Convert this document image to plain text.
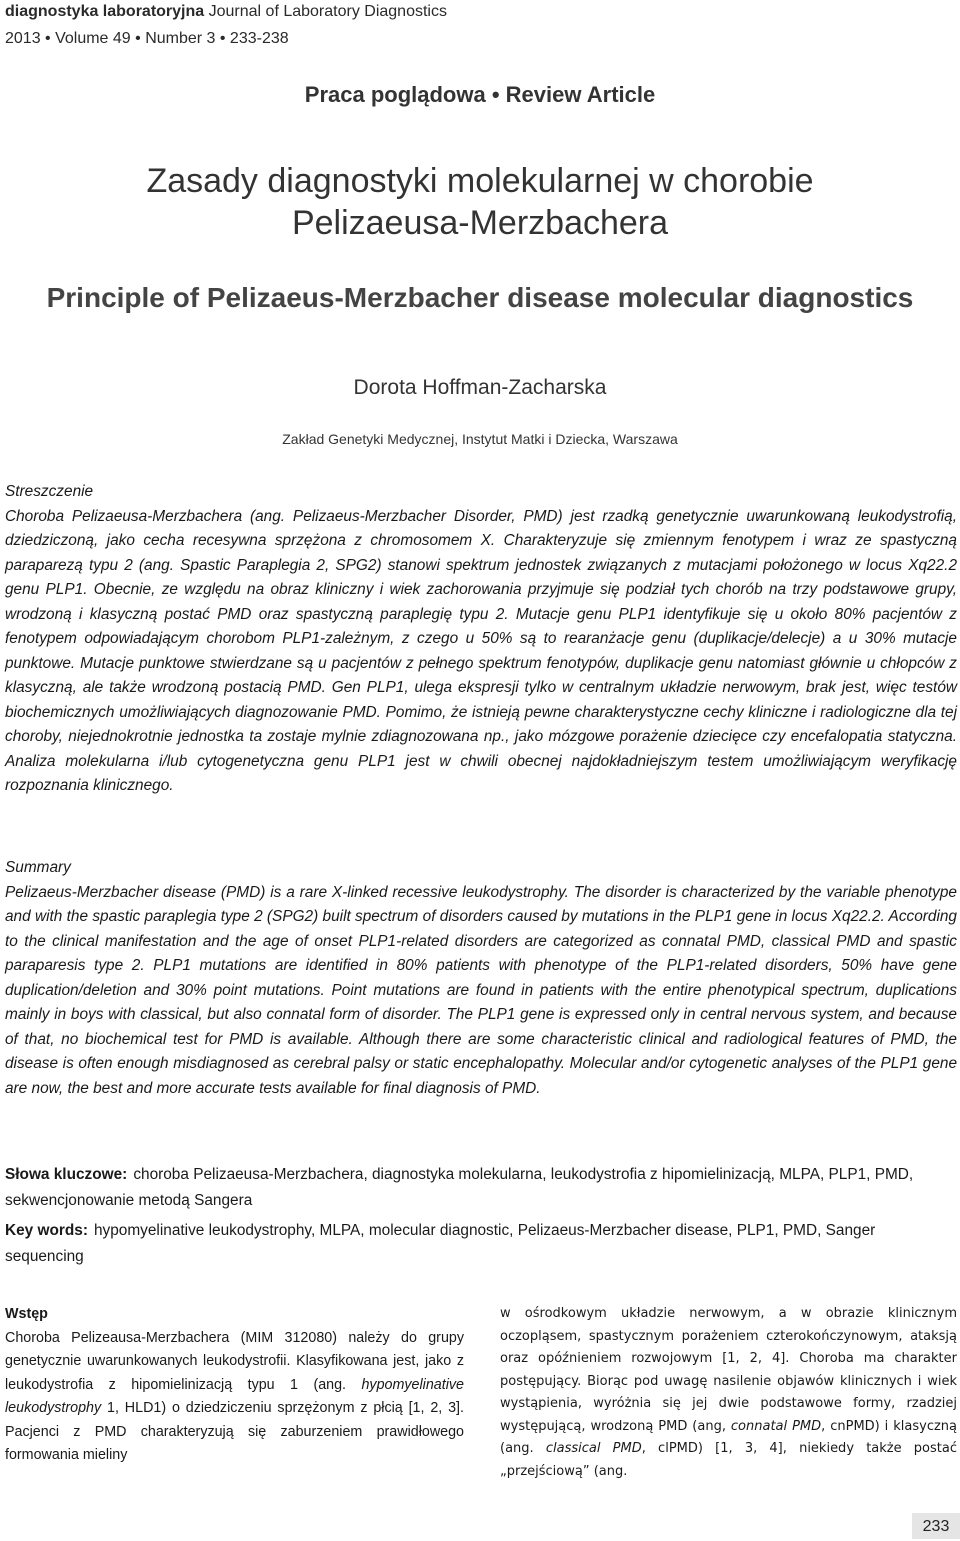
diagnostyka laboratoryjna Journal of Laboratory Diagnostics
2013 • Volume 49 • Number 3 • 233-238
Praca poglądowa • Review Article
Zasady diagnostyki molekularnej w chorobie
Pelizaeusa-Merzbachera
Principle of Pelizaeus-Merzbacher disease molecular diagnostics
Dorota Hoffman-Zacharska
Zakład Genetyki Medycznej, Instytut Matki i Dziecka, Warszawa
Streszczenie
Choroba Pelizaeusa-Merzbachera (ang. Pelizaeus-Merzbacher Disorder, PMD) jest rzadką genetycznie uwarunkowaną leukodystrofią, dziedziczoną, jako cecha recesywna sprzężona z chromosomem X. Charakteryzuje się zmiennym fenotypem i wraz ze spastyczną paraparezą typu 2 (ang. Spastic Paraplegia 2, SPG2) stanowi spektrum jednostek związanych z mutacjami położonego w locus Xq22.2 genu PLP1. Obecnie, ze względu na obraz kliniczny i wiek zachorowania przyjmuje się podział tych chorób na trzy podstawowe grupy, wrodzoną i klasyczną postać PMD oraz spastyczną paraplegię typu 2. Mutacje genu PLP1 identyfikuje się u około 80% pacjentów z fenotypem odpowiadającym chorobom PLP1-zależnym, z czego u 50% są to rearanżacje genu (duplikacje/delecje) a u 30% mutacje punktowe. Mutacje punktowe stwierdzane są u pacjentów z pełnego spektrum fenotypów, duplikacje genu natomiast głównie u chłopców z klasyczną, ale także wrodzoną postacią PMD. Gen PLP1, ulega ekspresji tylko w centralnym układzie nerwowym, brak jest, więc testów biochemicznych umożliwiających diagnozowanie PMD. Pomimo, że istnieją pewne charakterystyczne cechy kliniczne i radiologiczne dla tej choroby, niejednokrotnie jednostka ta zostaje mylnie zdiagnozowana np., jako mózgowe porażenie dziecięce czy encefalopatia statyczna. Analiza molekularna i/lub cytogenetyczna genu PLP1 jest w chwili obecnej najdokładniejszym testem umożliwiającym weryfikację rozpoznania klinicznego.
Summary
Pelizaeus-Merzbacher disease (PMD) is a rare X-linked recessive leukodystrophy. The disorder is characterized by the variable phenotype and with the spastic paraplegia type 2 (SPG2) built spectrum of disorders caused by mutations in the PLP1 gene in locus Xq22.2. According to the clinical manifestation and the age of onset PLP1-related disorders are categorized as connatal PMD, classical PMD and spastic paraparesis type 2. PLP1 mutations are identified in 80% patients with phenotype of the PLP1-related disorders, 50% have gene duplication/deletion and 30% point mutations. Point mutations are found in patients with the entire phenotypical spectrum, duplications mainly in boys with classical, but also connatal form of disorder. The PLP1 gene is expressed only in central nervous system, and because of that, no biochemical test for PMD is available. Although there are some characteristic clinical and radiological features of PMD, the disease is often enough misdiagnosed as cerebral palsy or static encephalopathy. Molecular and/or cytogenetic analyses of the PLP1 gene are now, the best and more accurate tests available for final diagnosis of PMD.
Słowa kluczowe: choroba Pelizaeusa-Merzbachera, diagnostyka molekularna, leukodystrofia z hipomielinizacją, MLPA, PLP1, PMD, sekwencjonowanie metodą Sangera
Key words: hypomyelinative leukodystrophy, MLPA, molecular diagnostic, Pelizaeus-Merzbacher disease, PLP1, PMD, Sanger sequencing
Wstęp
Choroba Pelizeausa-Merzbachera (MIM 312080) należy do grupy genetycznie uwarunkowanych leukodystrofii. Klasyfikowana jest, jako z leukodystrofia z hipomielinizacją typu 1 (ang. hypomyelinative leukodystrophy 1, HLD1) o dziedziczeniu sprzężonym z płcią [1, 2, 3]. Pacjenci z PMD charakteryzują się zaburzeniem prawidłowego formowania mieliny
w ośrodkowym układzie nerwowym, a w obrazie klinicznym oczopląsem, spastycznym porażeniem czterokończynowym, ataksją oraz opóźnieniem rozwojowym [1, 2, 4]. Choroba ma charakter postępujący. Biorąc pod uwagę nasilenie objawów klinicznych i wiek wystąpienia, wyróżnia się jej dwie podstawowe formy, rzadziej występującą, wrodzoną PMD (ang, connatal PMD, cnPMD) i klasyczną (ang. classical PMD, clPMD) [1, 3, 4], niekiedy także postać „przejściową” (ang.
233
